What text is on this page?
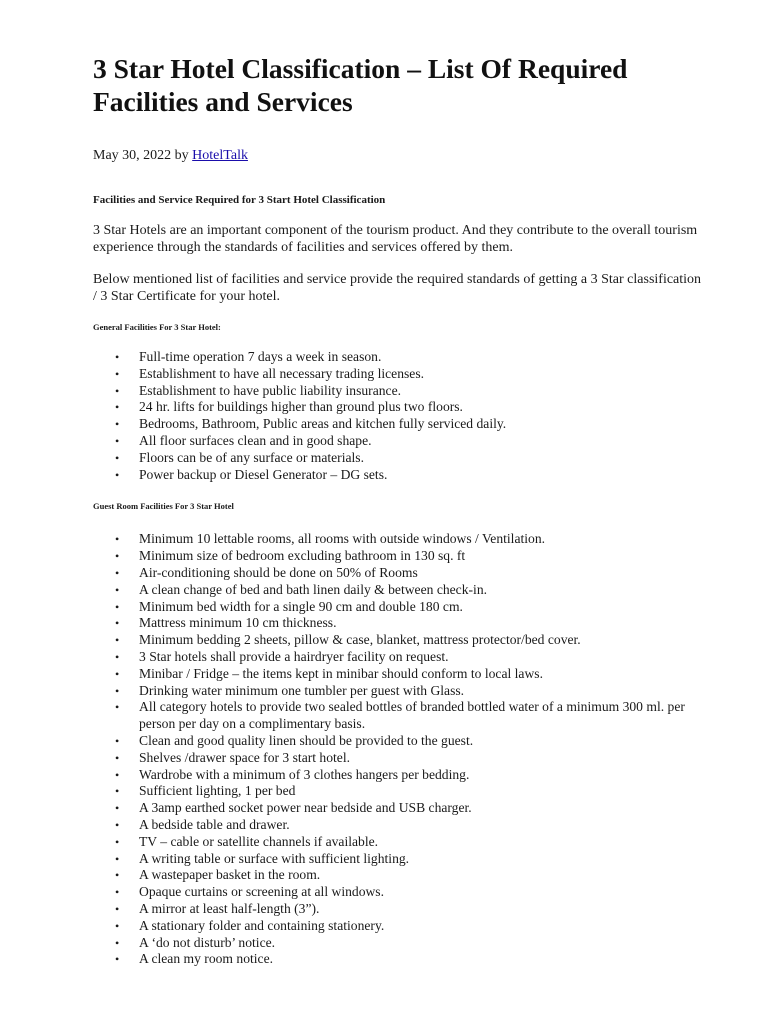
3 Star Hotel Classification – List Of Required Facilities and Services
May 30, 2022 by HotelTalk
Facilities and Service Required for 3 Start Hotel Classification
3 Star Hotels are an important component of the tourism product. And they contribute to the overall tourism experience through the standards of facilities and services offered by them.
Below mentioned list of facilities and service provide the required standards of getting a 3 Star classification / 3 Star Certificate for your hotel.
General Facilities For 3 Star Hotel:
• Full-time operation 7 days a week in season.
• Establishment to have all necessary trading licenses.
• Establishment to have public liability insurance.
• 24 hr. lifts for buildings higher than ground plus two floors.
• Bedrooms, Bathroom, Public areas and kitchen fully serviced daily.
• All floor surfaces clean and in good shape.
• Floors can be of any surface or materials.
• Power backup or Diesel Generator – DG sets.
Guest Room Facilities For 3 Star Hotel
• Minimum 10 lettable rooms, all rooms with outside windows / Ventilation.
• Minimum size of bedroom excluding bathroom in 130 sq. ft
• Air-conditioning should be done on 50% of Rooms
• A clean change of bed and bath linen daily & between check-in.
• Minimum bed width for a single 90 cm and double 180 cm.
• Mattress minimum 10 cm thickness.
• Minimum bedding 2 sheets, pillow & case, blanket, mattress protector/bed cover.
• 3 Star hotels shall provide a hairdryer facility on request.
• Minibar / Fridge – the items kept in minibar should conform to local laws.
• Drinking water minimum one tumbler per guest with Glass.
• All category hotels to provide two sealed bottles of branded bottled water of a minimum 300 ml. per person per day on a complimentary basis.
• Clean and good quality linen should be provided to the guest.
• Shelves /drawer space for 3 start hotel.
• Wardrobe with a minimum of 3 clothes hangers per bedding.
• Sufficient lighting, 1 per bed
• A 3amp earthed socket power near bedside and USB charger.
• A bedside table and drawer.
• TV – cable or satellite channels if available.
• A writing table or surface with sufficient lighting.
• A wastepaper basket in the room.
• Opaque curtains or screening at all windows.
• A mirror at least half-length (3”).
• A stationary folder and containing stationery.
• A ‘do not disturb’ notice.
• A clean my room notice.
